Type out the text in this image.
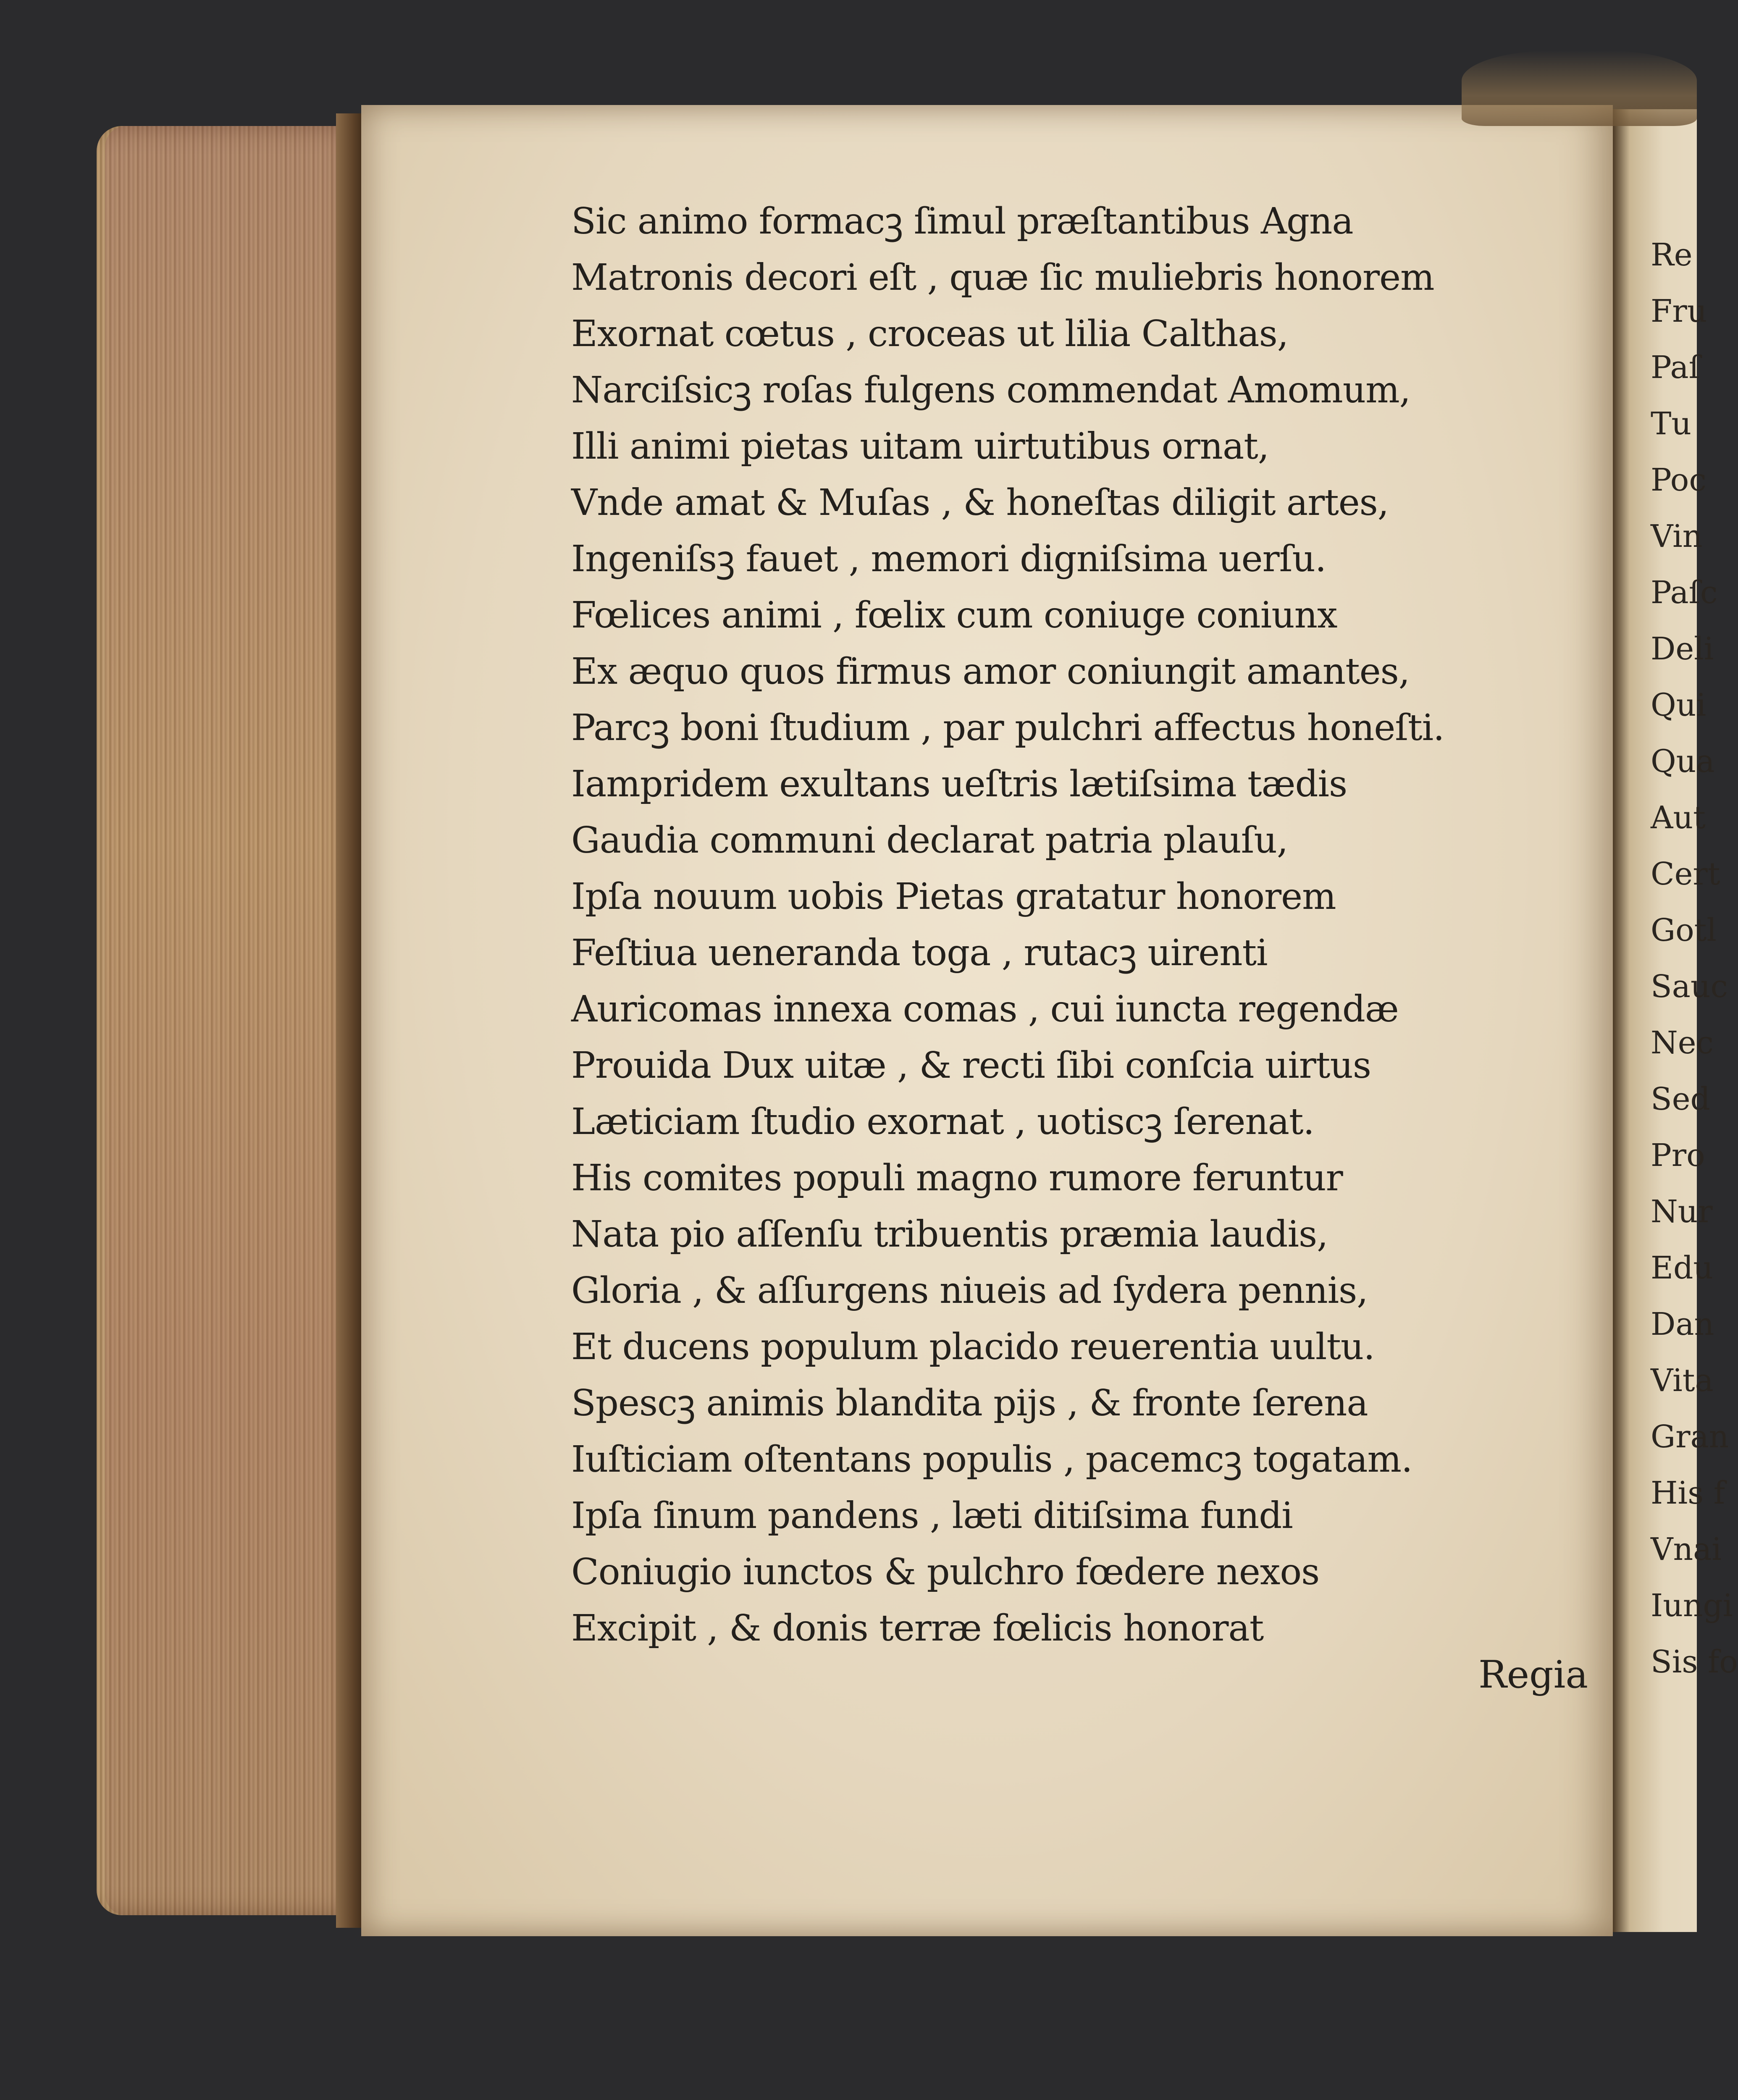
Sic animo formacꝫ ſimul præſtantibus Agna
Matronis decori eſt , quæ ſic muliebris honorem
Exornat cœtus , croceas ut lilia Calthas,
Narciſsicꝫ roſas fulgens commendat Amomum,
Illi animi pietas uitam uirtutibus ornat,
Vnde amat & Muſas , & honeſtas diligit artes,
Ingeniſsꝫ fauet , memori digniſsima uerſu.
Fœlices animi , fœlix cum coniuge coniunx
Ex æquo quos firmus amor coniungit amantes,
Parcꝫ boni ſtudium , par pulchri affectus honeſti.
Iampridem exultans ueſtris lætiſsima tædis
Gaudia communi declarat patria plauſu,
Ipſa nouum uobis Pietas gratatur honorem
Feſtiua ueneranda toga , rutacꝫ uirenti
Auricomas innexa comas , cui iuncta regendæ
Prouida Dux uitæ , & recti ſibi conſcia uirtus
Læticiam ſtudio exornat , uotiscꝫ ſerenat.
His comites populi magno rumore feruntur
Nata pio aſſenſu tribuentis præmia laudis,
Gloria , & aſſurgens niueis ad ſydera pennis,
Et ducens populum placido reuerentia uultu.
Spescꝫ animis blandita pijs , & fronte ſerena
Iuſticiam oſtentans populis , pacemcꝫ togatam.
Ipſa ſinum pandens , læti ditiſsima fundi
Coniugio iunctos & pulchro fœdere nexos
Excipit , & donis terræ fœlicis honorat
Regia
Re
Fru
Paſ
Tu
Poc
Vin
Paſc
Deli
Qui
Qua
Aut
Cert
Gotl
Sauc
Nec
Sed
Pro
Nur
Edu
Dan
Vita
Gran
His f
Vnai
Iungi
Sis fo
